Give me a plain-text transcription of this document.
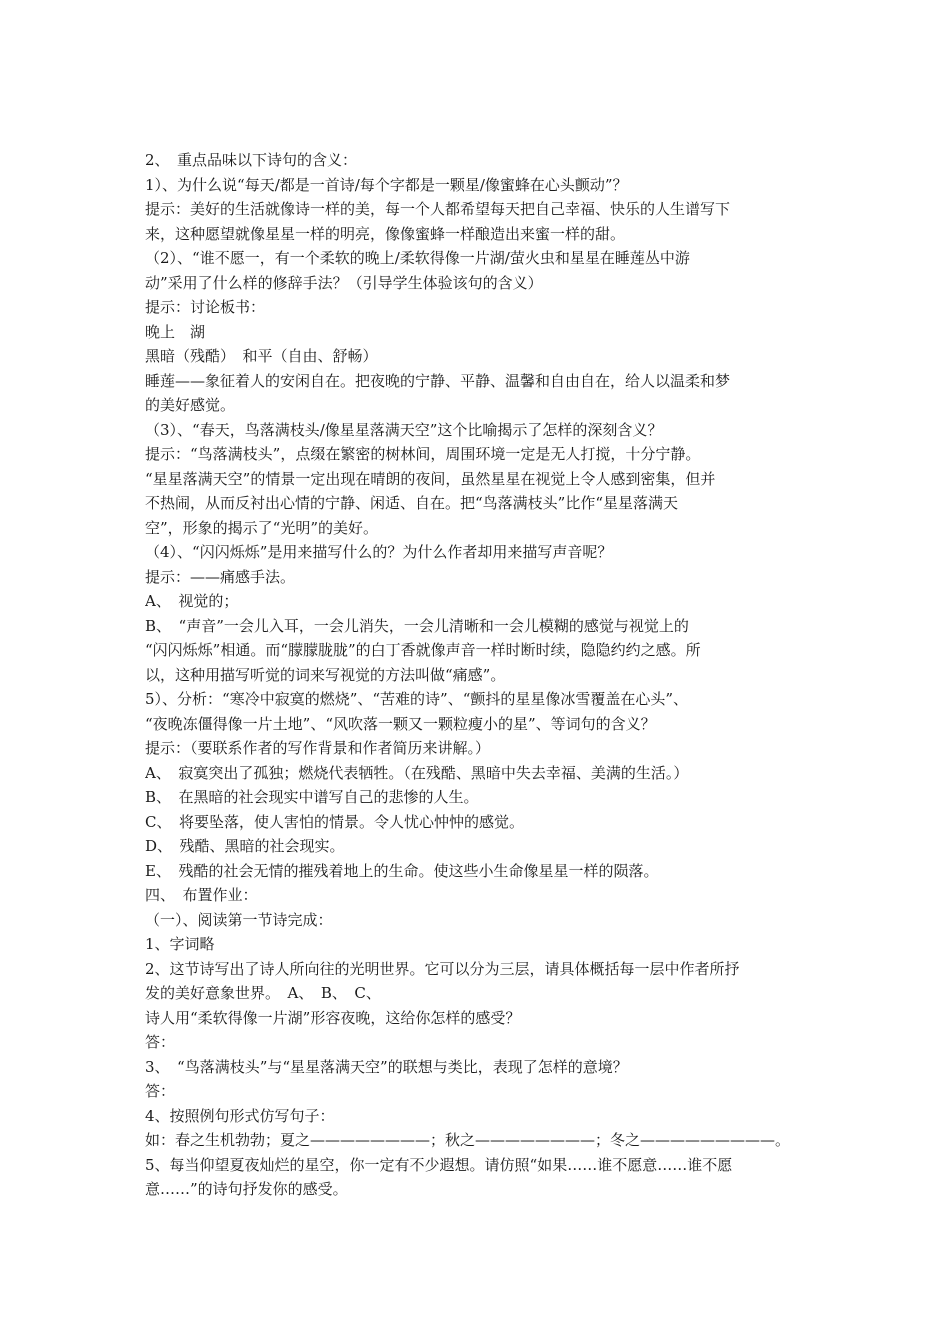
2、　重点品味以下诗句的含义：
1）、为什么说“每天/都是一首诗/每个字都是一颗星/像蜜蜂在心头颤动”？
提示：美好的生活就像诗一样的美，每一个人都希望每天把自己幸福、快乐的人生谱写下
来，这种愿望就像星星一样的明亮，像像蜜蜂一样酿造出来蜜一样的甜。
（2）、“谁不愿一，有一个柔软的晚上/柔软得像一片湖/萤火虫和星星在睡莲丛中游
动”采用了什么样的修辞手法？（引导学生体验该句的含义）
提示：讨论板书：
晚上　湖
黑暗（残酷）　和平（自由、舒畅）
睡莲——象征着人的安闲自在。把夜晚的宁静、平静、温馨和自由自在，给人以温柔和梦
的美好感觉。
（3）、“春天，鸟落满枝头/像星星落满天空”这个比喻揭示了怎样的深刻含义？
提示：“鸟落满枝头”，点缀在繁密的树林间，周围环境一定是无人打搅，十分宁静。
“星星落满天空”的情景一定出现在晴朗的夜间，虽然星星在视觉上令人感到密集，但并
不热闹，从而反衬出心情的宁静、闲适、自在。把“鸟落满枝头”比作“星星落满天
空”，形象的揭示了“光明”的美好。
（4）、“闪闪烁烁”是用来描写什么的？为什么作者却用来描写声音呢？
提示：——痛感手法。
A、　视觉的；
B、　“声音”一会儿入耳，一会儿消失，一会儿清晰和一会儿模糊的感觉与视觉上的
“闪闪烁烁”相通。而“朦朦胧胧”的白丁香就像声音一样时断时续，隐隐约约之感。所
以，这种用描写听觉的词来写视觉的方法叫做“痛感”。
5）、分析：“寒冷中寂寞的燃烧”、“苦难的诗”、“颤抖的星星像冰雪覆盖在心头”、
“夜晚冻僵得像一片土地”、“风吹落一颗又一颗粒瘦小的星”、等词句的含义？
提示：（要联系作者的写作背景和作者简历来讲解。）
A、　寂寞突出了孤独；燃烧代表牺牲。（在残酷、黑暗中失去幸福、美满的生活。）
B、　在黑暗的社会现实中谱写自己的悲惨的人生。
C、　将要坠落，使人害怕的情景。令人忧心忡忡的感觉。
D、　残酷、黑暗的社会现实。
E、　残酷的社会无情的摧残着地上的生命。使这些小生命像星星一样的陨落。
四、　布置作业：
（一）、阅读第一节诗完成：
1、字词略
2、这节诗写出了诗人所向往的光明世界。它可以分为三层，请具体概括每一层中作者所抒
发的美好意象世界。　A、　B、　C、
诗人用“柔软得像一片湖”形容夜晚，这给你怎样的感受？
答：
3、　“鸟落满枝头”与“星星落满天空”的联想与类比，表现了怎样的意境？
答：
4、按照例句形式仿写句子：
如：春之生机勃勃；夏之————————；秋之————————；冬之—————————。
5、每当仰望夏夜灿烂的星空，你一定有不少遐想。请仿照“如果……谁不愿意……谁不愿
意……”的诗句抒发你的感受。
